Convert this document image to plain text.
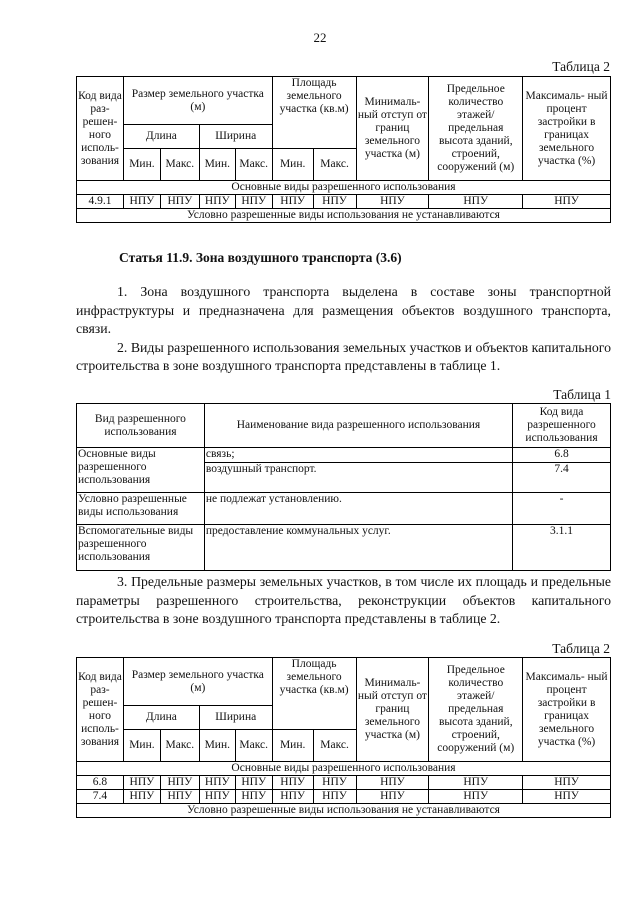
22
Таблица 2
Код вида раз- решен- ного исполь- зования	Размер земельного участка (м)				Площадь земельного участка (кв.м)		Минималь- ный отступ от границ земельного участка (м)	Предельное количество этажей/ предельная высота зданий, строений, сооружений (м)	Максималь- ный процент застройки в границах земельного участка (%)
	Длина		Ширина						
	Мин.	Макс.	Мин.	Макс.	Мин.	Макс.			
Основные виды разрешенного использования									
4.9.1	НПУ	НПУ	НПУ	НПУ	НПУ	НПУ	НПУ	НПУ	НПУ
Условно разрешенные виды использования не устанавливаются									
Статья 11.9. Зона воздушного транспорта (3.6)

1. Зона воздушного транспорта выделена в составе зоны транспортной инфраструктуры и предназначена для размещения объектов воздушного транспорта, связи.

2. Виды разрешенного использования земельных участков и объектов капитального строительства в зоне воздушного транспорта представлены в таблице 1.

Таблица 1
Вид разрешенного использования	Наименование вида разрешенного использования	Код вида разрешенного использования
Основные виды разрешенного использования	связь;	6.8
	воздушный транспорт.	7.4
Условно разрешенные виды использования	не подлежат установлению.	-
Вспомогательные виды разрешенного использования	предоставление коммунальных услуг.	3.1.1

3. Предельные размеры земельных участков, в том числе их площадь и предельные параметры разрешенного строительства, реконструкции объектов капитального строительства в зоне воздушного транспорта представлены в таблице 2.

Таблица 2
Код вида раз- решен- ного исполь- зования	Размер земельного участка (м)				Площадь земельного участка (кв.м)		Минималь- ный отступ от границ земельного участка (м)	Предельное количество этажей/ предельная высота зданий, строений, сооружений (м)	Максималь- ный процент застройки в границах земельного участка (%)
	Длина		Ширина						
	Мин.	Макс.	Мин.	Макс.	Мин.	Макс.			
Основные виды разрешенного использования									
6.8	НПУ	НПУ	НПУ	НПУ	НПУ	НПУ	НПУ	НПУ	НПУ
7.4	НПУ	НПУ	НПУ	НПУ	НПУ	НПУ	НПУ	НПУ	НПУ
Условно разрешенные виды использования не устанавливаются									
